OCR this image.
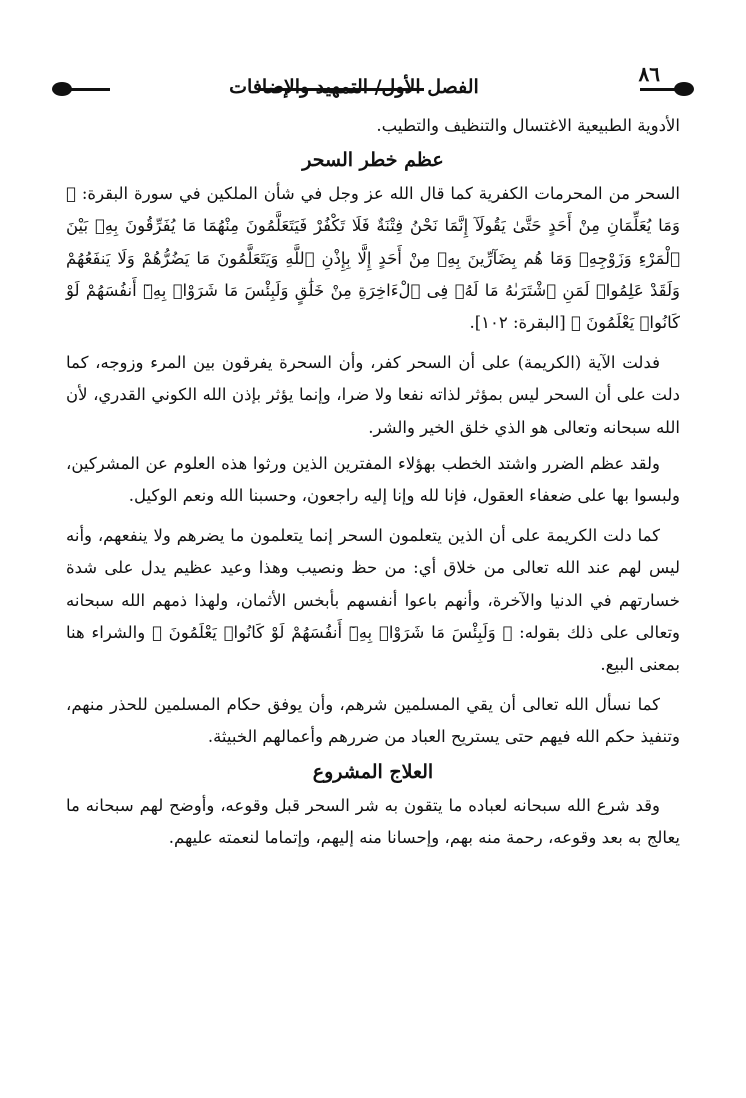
٨٦
الفصل الأول/ التمهيد والإضافات

الأدوية الطبيعية الاغتسال والتنظيف والتطيب.

عظم خطر السحر

السحر من المحرمات الكفرية كما قال الله عز وجل في شأن الملكين في سورة البقرة: ﴿ وَمَا يُعَلِّمَانِ مِنْ أَحَدٍ حَتَّىٰ يَقُولَآ إِنَّمَا نَحْنُ فِتْنَةٌ فَلَا تَكْفُرْ فَيَتَعَلَّمُونَ مِنْهُمَا مَا يُفَرِّقُونَ بِهِۦ بَيْنَ ٱلْمَرْءِ وَزَوْجِهِۦ وَمَا هُم بِضَآرِّينَ بِهِۦ مِنْ أَحَدٍ إِلَّا بِإِذْنِ ٱللَّهِ وَيَتَعَلَّمُونَ مَا يَضُرُّهُمْ وَلَا يَنفَعُهُمْ وَلَقَدْ عَلِمُوا۟ لَمَنِ ٱشْتَرَىٰهُ مَا لَهُۥ فِى ٱلْءَاخِرَةِ مِنْ خَلَٰقٍ وَلَبِئْسَ مَا شَرَوْا۟ بِهِۦٓ أَنفُسَهُمْ لَوْ كَانُوا۟ يَعْلَمُونَ ﴾ [البقرة: ١٠٢].

فدلت الآية (الكريمة) على أن السحر كفر، وأن السحرة يفرقون بين المرء وزوجه، كما دلت على أن السحر ليس بمؤثر لذاته نفعا ولا ضرا، وإنما يؤثر بإذن الله الكوني القدري، لأن الله سبحانه وتعالى هو الذي خلق الخير والشر.

ولقد عظم الضرر واشتد الخطب بهؤلاء المفترين الذين ورثوا هذه العلوم عن المشركين، ولبسوا بها على ضعفاء العقول، فإنا لله وإنا إليه راجعون، وحسبنا الله ونعم الوكيل.

كما دلت الكريمة على أن الذين يتعلمون السحر إنما يتعلمون ما يضرهم ولا ينفعهم، وأنه ليس لهم عند الله تعالى من خلاق أي: من حظ ونصيب وهذا وعيد عظيم يدل على شدة خسارتهم في الدنيا والآخرة، وأنهم باعوا أنفسهم بأبخس الأثمان، ولهذا ذمهم الله سبحانه وتعالى على ذلك بقوله: ﴿ وَلَبِئْسَ مَا شَرَوْا۟ بِهِۦٓ أَنفُسَهُمْ لَوْ كَانُوا۟ يَعْلَمُونَ ﴾ والشراء هنا بمعنى البيع.

كما نسأل الله تعالى أن يقي المسلمين شرهم، وأن يوفق حكام المسلمين للحذر منهم، وتنفيذ حكم الله فيهم حتى يستريح العباد من ضررهم وأعمالهم الخبيثة.

العلاج المشروع

وقد شرع الله سبحانه لعباده ما يتقون به شر السحر قبل وقوعه، وأوضح لهم سبحانه ما يعالج به بعد وقوعه، رحمة منه بهم، وإحسانا منه إليهم، وإتماما لنعمته عليهم.
